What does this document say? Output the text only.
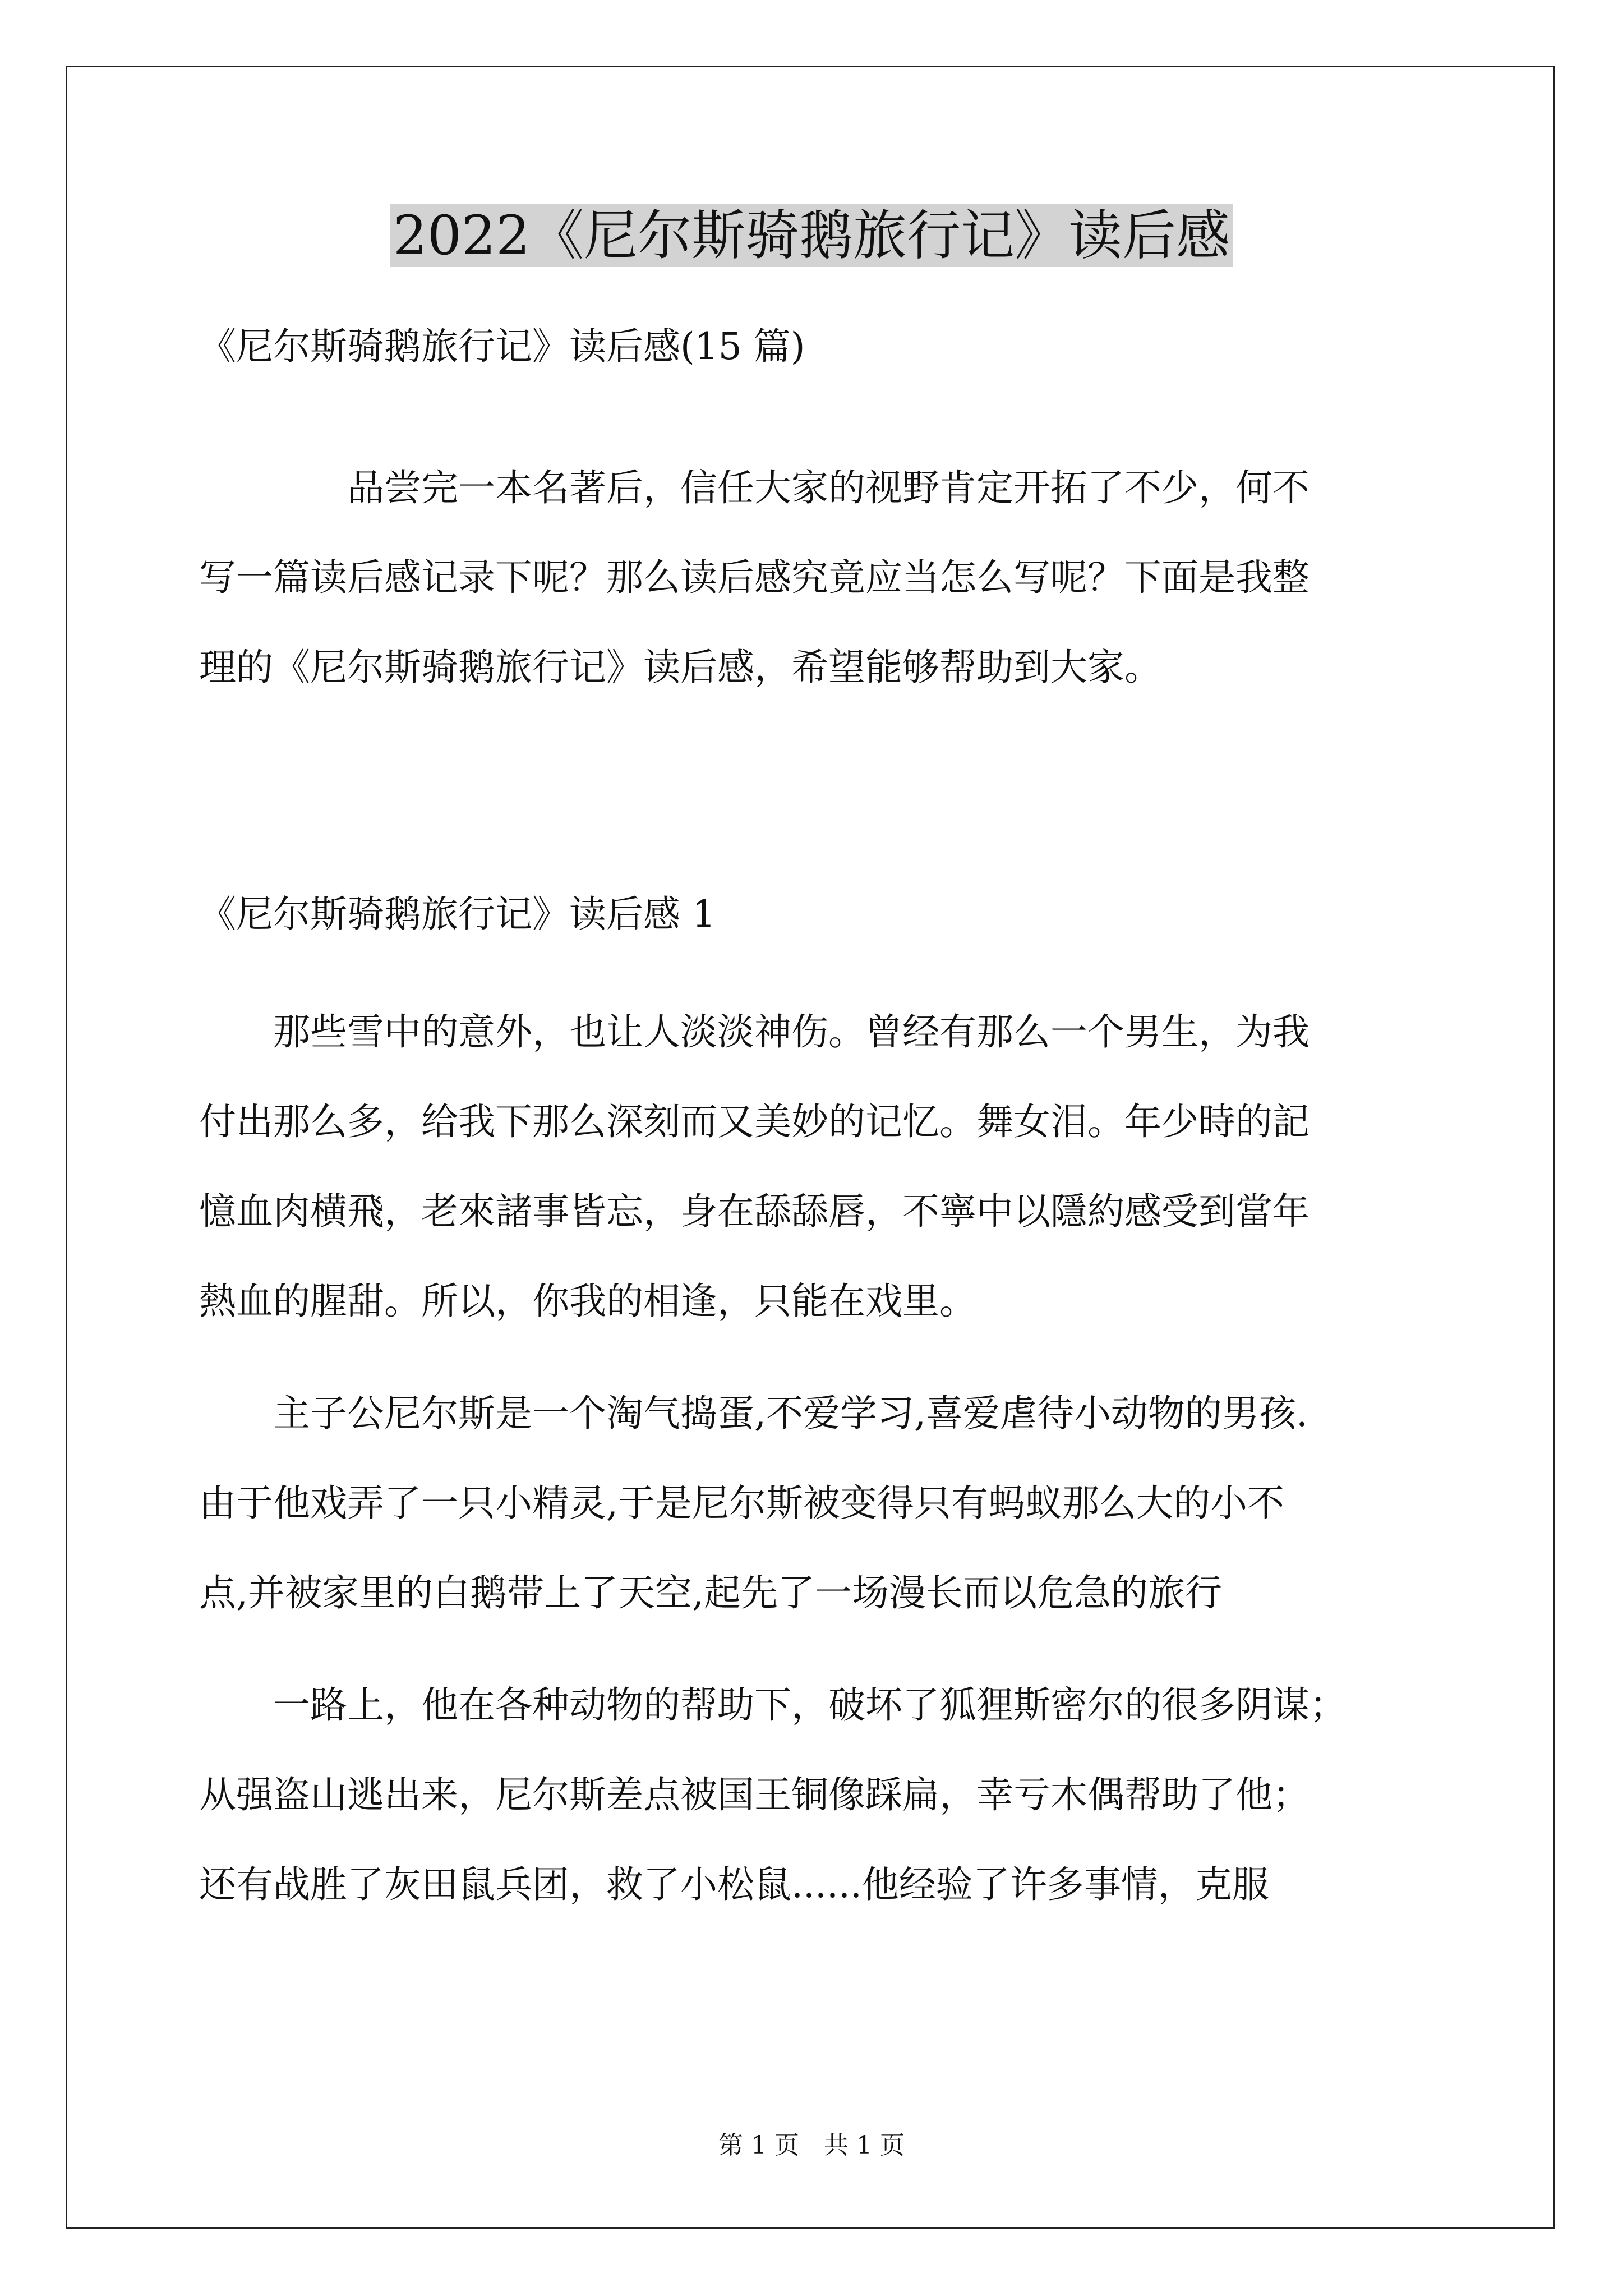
2022《尼尔斯骑鹅旅行记》读后感
《尼尔斯骑鹅旅行记》读后感(15 篇)
　　　　品尝完一本名著后，信任大家的视野肯定开拓了不少，何不
写一篇读后感记录下呢？那么读后感究竟应当怎么写呢？下面是我整
理的《尼尔斯骑鹅旅行记》读后感，希望能够帮助到大家。
《尼尔斯骑鹅旅行记》读后感 1
　　那些雪中的意外，也让人淡淡神伤。曾经有那么一个男生，为我
付出那么多，给我下那么深刻而又美妙的记忆。舞女泪。年少時的記
憶血肉横飛，老來諸事皆忘，身在舔舔唇，不寧中以隱約感受到當年
熱血的腥甜。所以，你我的相逢，只能在戏里。
　　主子公尼尔斯是一个淘气捣蛋,不爱学习,喜爱虐待小动物的男孩.
由于他戏弄了一只小精灵,于是尼尔斯被变得只有蚂蚁那么大的小不
点,并被家里的白鹅带上了天空,起先了一场漫长而以危急的旅行
　　一路上，他在各种动物的帮助下，破坏了狐狸斯密尔的很多阴谋；
从强盗山逃出来，尼尔斯差点被国王铜像踩扁，幸亏木偶帮助了他；
还有战胜了灰田鼠兵团，救了小松鼠......他经验了许多事情，克服
第 1 页　共 1 页
